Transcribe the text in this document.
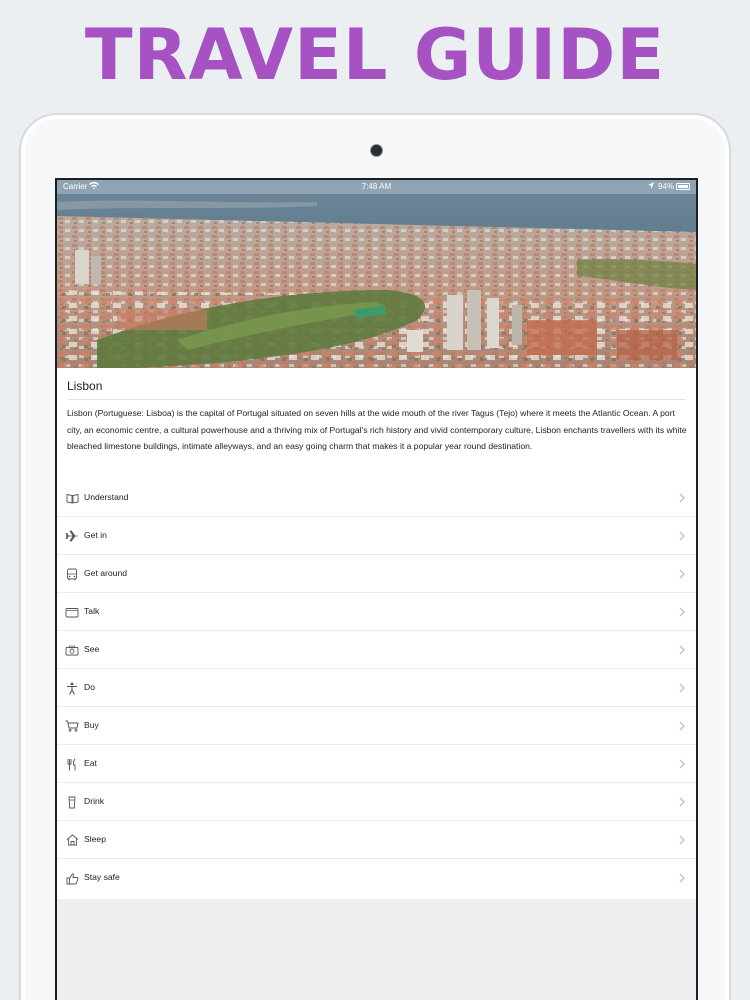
TRAVEL GUIDE
Carrier	7:48 AM	94%
Lisbon
Lisbon (Portuguese: Lisboa) is the capital of Portugal situated on seven hills at the wide mouth of the river Tagus (Tejo) where it meets the Atlantic Ocean. A port city, an economic centre, a cultural powerhouse and a thriving mix of Portugal's rich history and vivid contemporary culture, Lisbon enchants travellers with its white bleached limestone buildings, intimate alleyways, and an easy going charm that makes it a popular year round destination.
Understand
Get in
Get around
Talk
See
Do
Buy
Eat
Drink
Sleep
Stay safe
